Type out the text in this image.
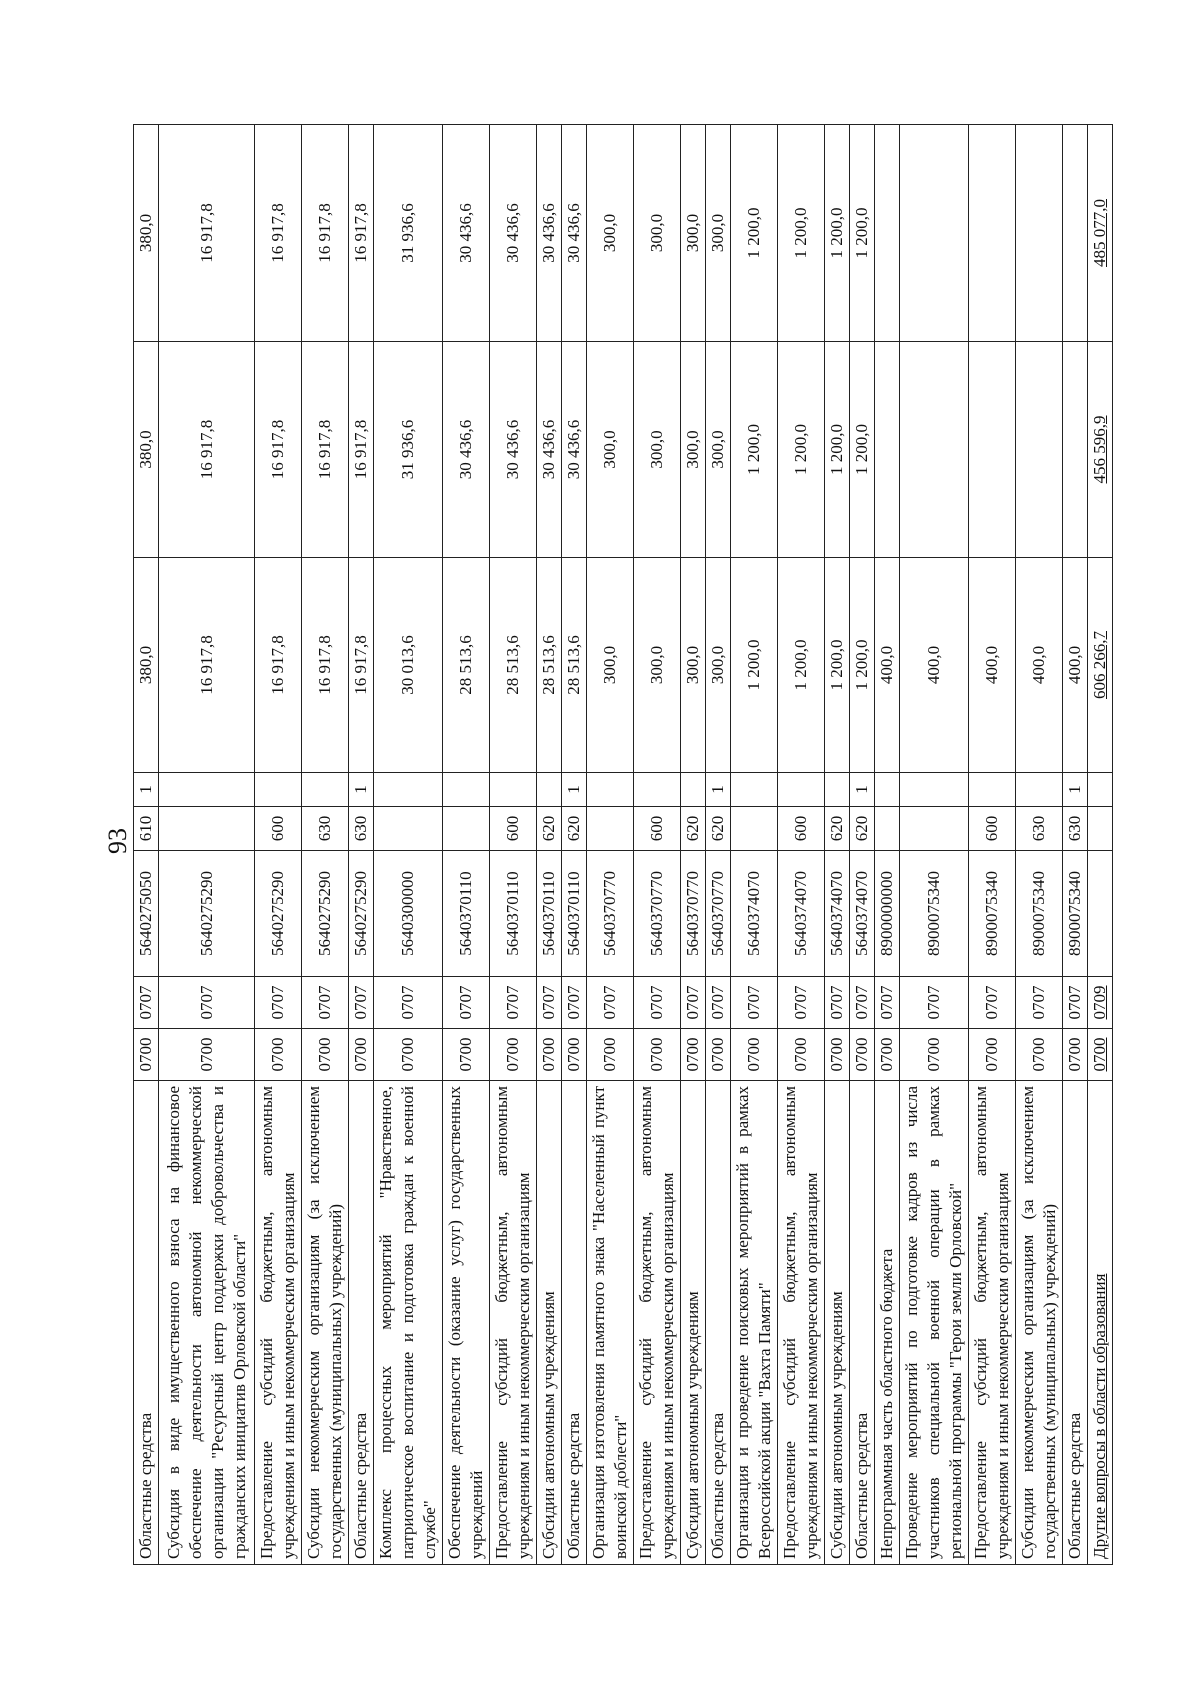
93
Областные средства	0700	0707	5640275050	610	1	380,0	380,0	380,0
Субсидия в виде имущественного взноса на финансовое обеспечение деятельности автономной некоммерческой организации "Ресурсный центр поддержки добровольчества и гражданских инициатив Орловской области"	0700	0707	5640275290			16 917,8	16 917,8	16 917,8
Предоставление субсидий бюджетным, автономным учреждениям и иным некоммерческим организациям	0700	0707	5640275290	600		16 917,8	16 917,8	16 917,8
Субсидии некоммерческим организациям (за исключением государственных (муниципальных) учреждений)	0700	0707	5640275290	630		16 917,8	16 917,8	16 917,8
Областные средства	0700	0707	5640275290	630	1	16 917,8	16 917,8	16 917,8
Комплекс процессных мероприятий "Нравственное, патриотическое воспитание и подготовка граждан к военной службе"	0700	0707	5640300000			30 013,6	31 936,6	31 936,6
Обеспечение деятельности (оказание услуг) государственных учреждений	0700	0707	5640370110			28 513,6	30 436,6	30 436,6
Предоставление субсидий бюджетным, автономным учреждениям и иным некоммерческим организациям	0700	0707	5640370110	600		28 513,6	30 436,6	30 436,6
Субсидии автономным учреждениям	0700	0707	5640370110	620		28 513,6	30 436,6	30 436,6
Областные средства	0700	0707	5640370110	620	1	28 513,6	30 436,6	30 436,6
Организация изготовления памятного знака "Населенный пункт воинской доблести"	0700	0707	5640370770			300,0	300,0	300,0
Предоставление субсидий бюджетным, автономным учреждениям и иным некоммерческим организациям	0700	0707	5640370770	600		300,0	300,0	300,0
Субсидии автономным учреждениям	0700	0707	5640370770	620		300,0	300,0	300,0
Областные средства	0700	0707	5640370770	620	1	300,0	300,0	300,0
Организация и проведение поисковых мероприятий в рамках Всероссийской акции "Вахта Памяти"	0700	0707	5640374070			1 200,0	1 200,0	1 200,0
Предоставление субсидий бюджетным, автономным учреждениям и иным некоммерческим организациям	0700	0707	5640374070	600		1 200,0	1 200,0	1 200,0
Субсидии автономным учреждениям	0700	0707	5640374070	620		1 200,0	1 200,0	1 200,0
Областные средства	0700	0707	5640374070	620	1	1 200,0	1 200,0	1 200,0
Непрограммная часть областного бюджета	0700	0707	8900000000			400,0		
Проведение мероприятий по подготовке кадров из числа участников специальной военной операции в рамках региональной программы "Герои земли Орловской"	0700	0707	8900075340			400,0		
Предоставление субсидий бюджетным, автономным учреждениям и иным некоммерческим организациям	0700	0707	8900075340	600		400,0		
Субсидии некоммерческим организациям (за исключением государственных (муниципальных) учреждений)	0700	0707	8900075340	630		400,0		
Областные средства	0700	0707	8900075340	630	1	400,0		
Другие вопросы в области образования	0700	0709				606 266,7	456 596,9	485 077,0
